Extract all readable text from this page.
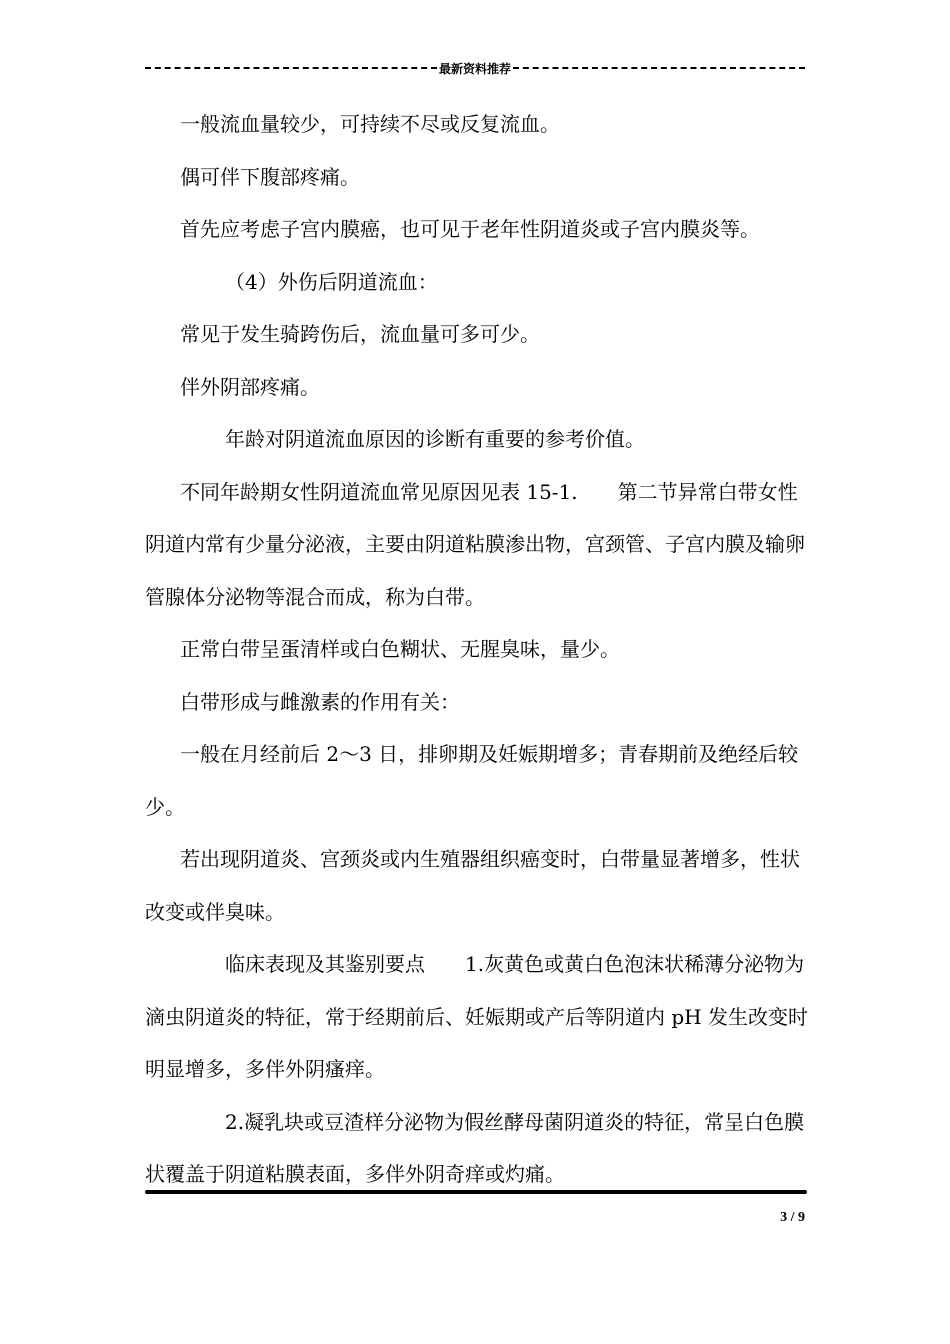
最新资料推荐

一般流血量较少，可持续不尽或反复流血。

偶可伴下腹部疼痛。

首先应考虑子宫内膜癌，也可见于老年性阴道炎或子宫内膜炎等。

（4）外伤后阴道流血：

常见于发生骑跨伤后，流血量可多可少。

伴外阴部疼痛。

年龄对阴道流血原因的诊断有重要的参考价值。

不同年龄期女性阴道流血常见原因见表 15-1.　　第二节异常白带女性阴道内常有少量分泌液，主要由阴道粘膜渗出物，宫颈管、子宫内膜及输卵管腺体分泌物等混合而成，称为白带。

正常白带呈蛋清样或白色糊状、无腥臭味，量少。

白带形成与雌激素的作用有关：

一般在月经前后 2～3 日，排卵期及妊娠期增多；青春期前及绝经后较少。

若出现阴道炎、宫颈炎或内生殖器组织癌变时，白带量显著增多，性状改变或伴臭味。

临床表现及其鉴别要点　　1.灰黄色或黄白色泡沫状稀薄分泌物为滴虫阴道炎的特征，常于经期前后、妊娠期或产后等阴道内 pH 发生改变时明显增多，多伴外阴瘙痒。

2.凝乳块或豆渣样分泌物为假丝酵母菌阴道炎的特征，常呈白色膜状覆盖于阴道粘膜表面，多伴外阴奇痒或灼痛。

3 / 9
